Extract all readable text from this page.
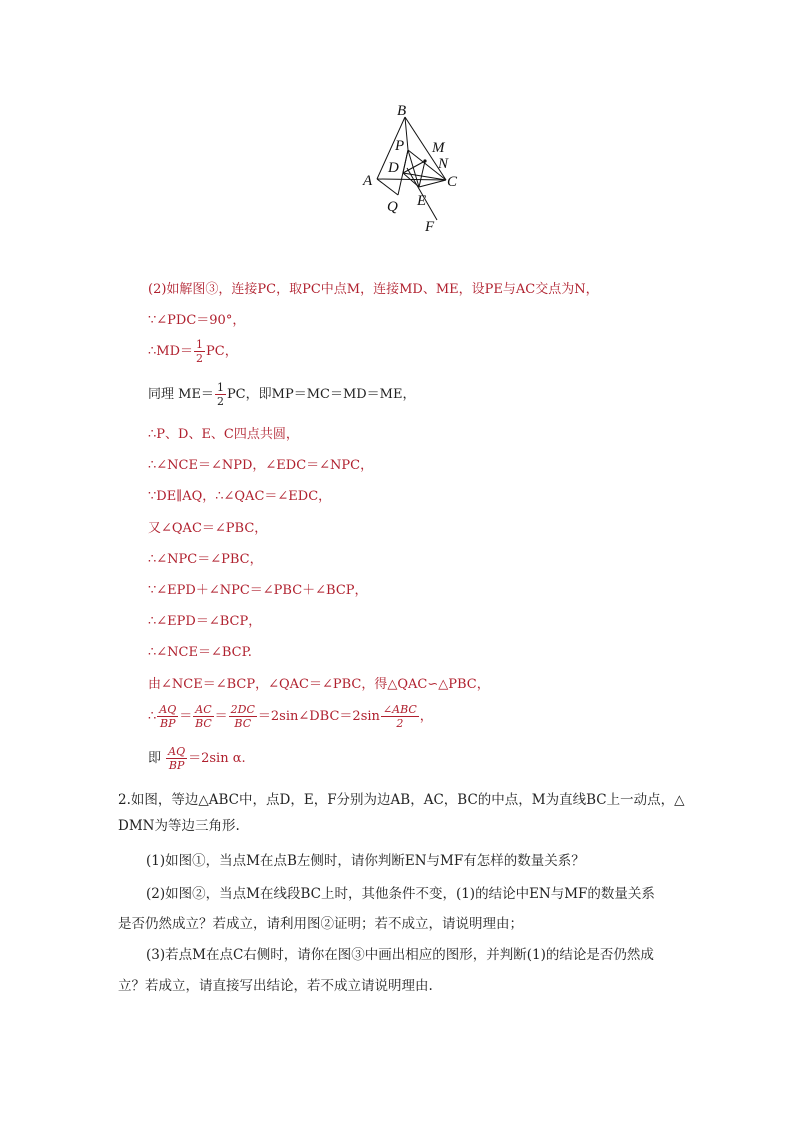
B
P M
D	N
A	C
Q E
F
(2)如解图③，连接PC，取PC中点M，连接MD、ME，设PE与AC交点为N，
∵∠PDC＝90°，
∴MD＝ $\frac{1}{2}$ PC，
同理 $ME= \frac{1}{2}$ PC，即MP＝MC＝MD＝ME，
∴P、D、E、C四点共圆，
∴∠NCE＝∠NPD，∠EDC＝∠NPC，
∵DE∥AQ，∴∠QAC＝∠EDC，
又∠QAC＝∠PBC，
∴∠NPC＝∠PBC，
∵∠EPD＋∠NPC＝∠PBC＋∠BCP，
∴∠EPD＝∠BCP，
∴∠NCE＝∠BCP.
由∠NCE＝∠BCP，∠QAC＝∠PBC，得△QAC∽△PBC，
∴ $\frac{AQ}{BP} = \frac{AC}{BC} = \frac{2DC}{BC}$ ＝2sin∠DBC＝2sin $\frac{\text{∠ABC}}{2}$ ，
即 $\frac{AQ}{BP} =2\sin$ α.
2.如图，等边△ABC中，点D，E，F分别为边AB，AC，BC的中点，M为直线BC上一动点，△
DMN为等边三角形.
(1)如图①，当点M在点B左侧时，请你判断EN与MF有怎样的数量关系？
(2)如图②，当点M在线段BC上时，其他条件不变，(1)的结论中EN与MF的数量关系
是否仍然成立？若成立，请利用图②证明；若不成立，请说明理由；
(3)若点M在点C右侧时，请你在图③中画出相应的图形，并判断(1)的结论是否仍然成
立？若成立，请直接写出结论，若不成立请说明理由.
